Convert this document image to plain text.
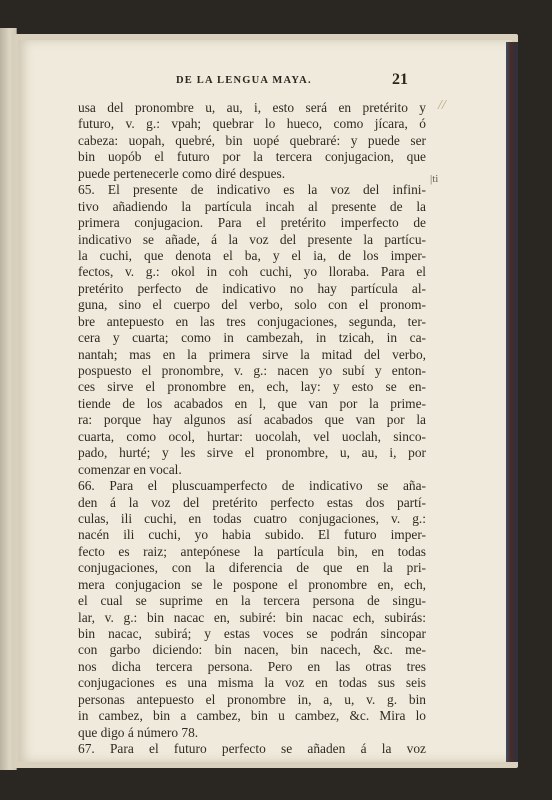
DE LA LENGUA MAYA.	21
//
|ti
usa del pronombre u, au, i, esto será en pretérito y
futuro, v. g.: vpah; quebrar lo hueco, como jícara, ó
cabeza: uopah, quebré, bin uopé quebraré: y puede ser
bin uopób el futuro por la tercera conjugacion, que
puede pertenecerle como diré despues.
65. El presente de indicativo es la voz del infini-
tivo añadiendo la partícula incah al presente de la
primera conjugacion. Para el pretérito imperfecto de
indicativo se añade, á la voz del presente la partícu-
la cuchi, que denota el ba, y el ia, de los imper-
fectos, v. g.: okol in coh cuchi, yo lloraba. Para el
pretérito perfecto de indicativo no hay partícula al-
guna, sino el cuerpo del verbo, solo con el pronom-
bre antepuesto en las tres conjugaciones, segunda, ter-
cera y cuarta; como in cambezah, in tzicah, in ca-
nantah; mas en la primera sirve la mitad del verbo,
pospuesto el pronombre, v. g.: nacen yo subí y enton-
ces sirve el pronombre en, ech, lay: y esto se en-
tiende de los acabados en l, que van por la prime-
ra: porque hay algunos así acabados que van por la
cuarta, como ocol, hurtar: uocolah, vel uoclah, sinco-
pado, hurté; y les sirve el pronombre, u, au, i, por
comenzar en vocal.
66. Para el pluscuamperfecto de indicativo se aña-
den á la voz del pretérito perfecto estas dos partí-
culas, ili cuchi, en todas cuatro conjugaciones, v. g.:
nacén ili cuchi, yo habia subido. El futuro imper-
fecto es raiz; antepónese la partícula bin, en todas
conjugaciones, con la diferencia de que en la pri-
mera conjugacion se le pospone el pronombre en, ech,
el cual se suprime en la tercera persona de singu-
lar, v. g.: bin nacac en, subiré: bin nacac ech, subirás:
bin nacac, subirá; y estas voces se podrán sincopar
con garbo diciendo: bin nacen, bin nacech, &c. me-
nos dicha tercera persona. Pero en las otras tres
conjugaciones es una misma la voz en todas sus seis
personas antepuesto el pronombre in, a, u, v. g. bin
in cambez, bin a cambez, bin u cambez, &c. Mira lo
que digo á número 78.
67. Para el futuro perfecto se añaden á la voz
